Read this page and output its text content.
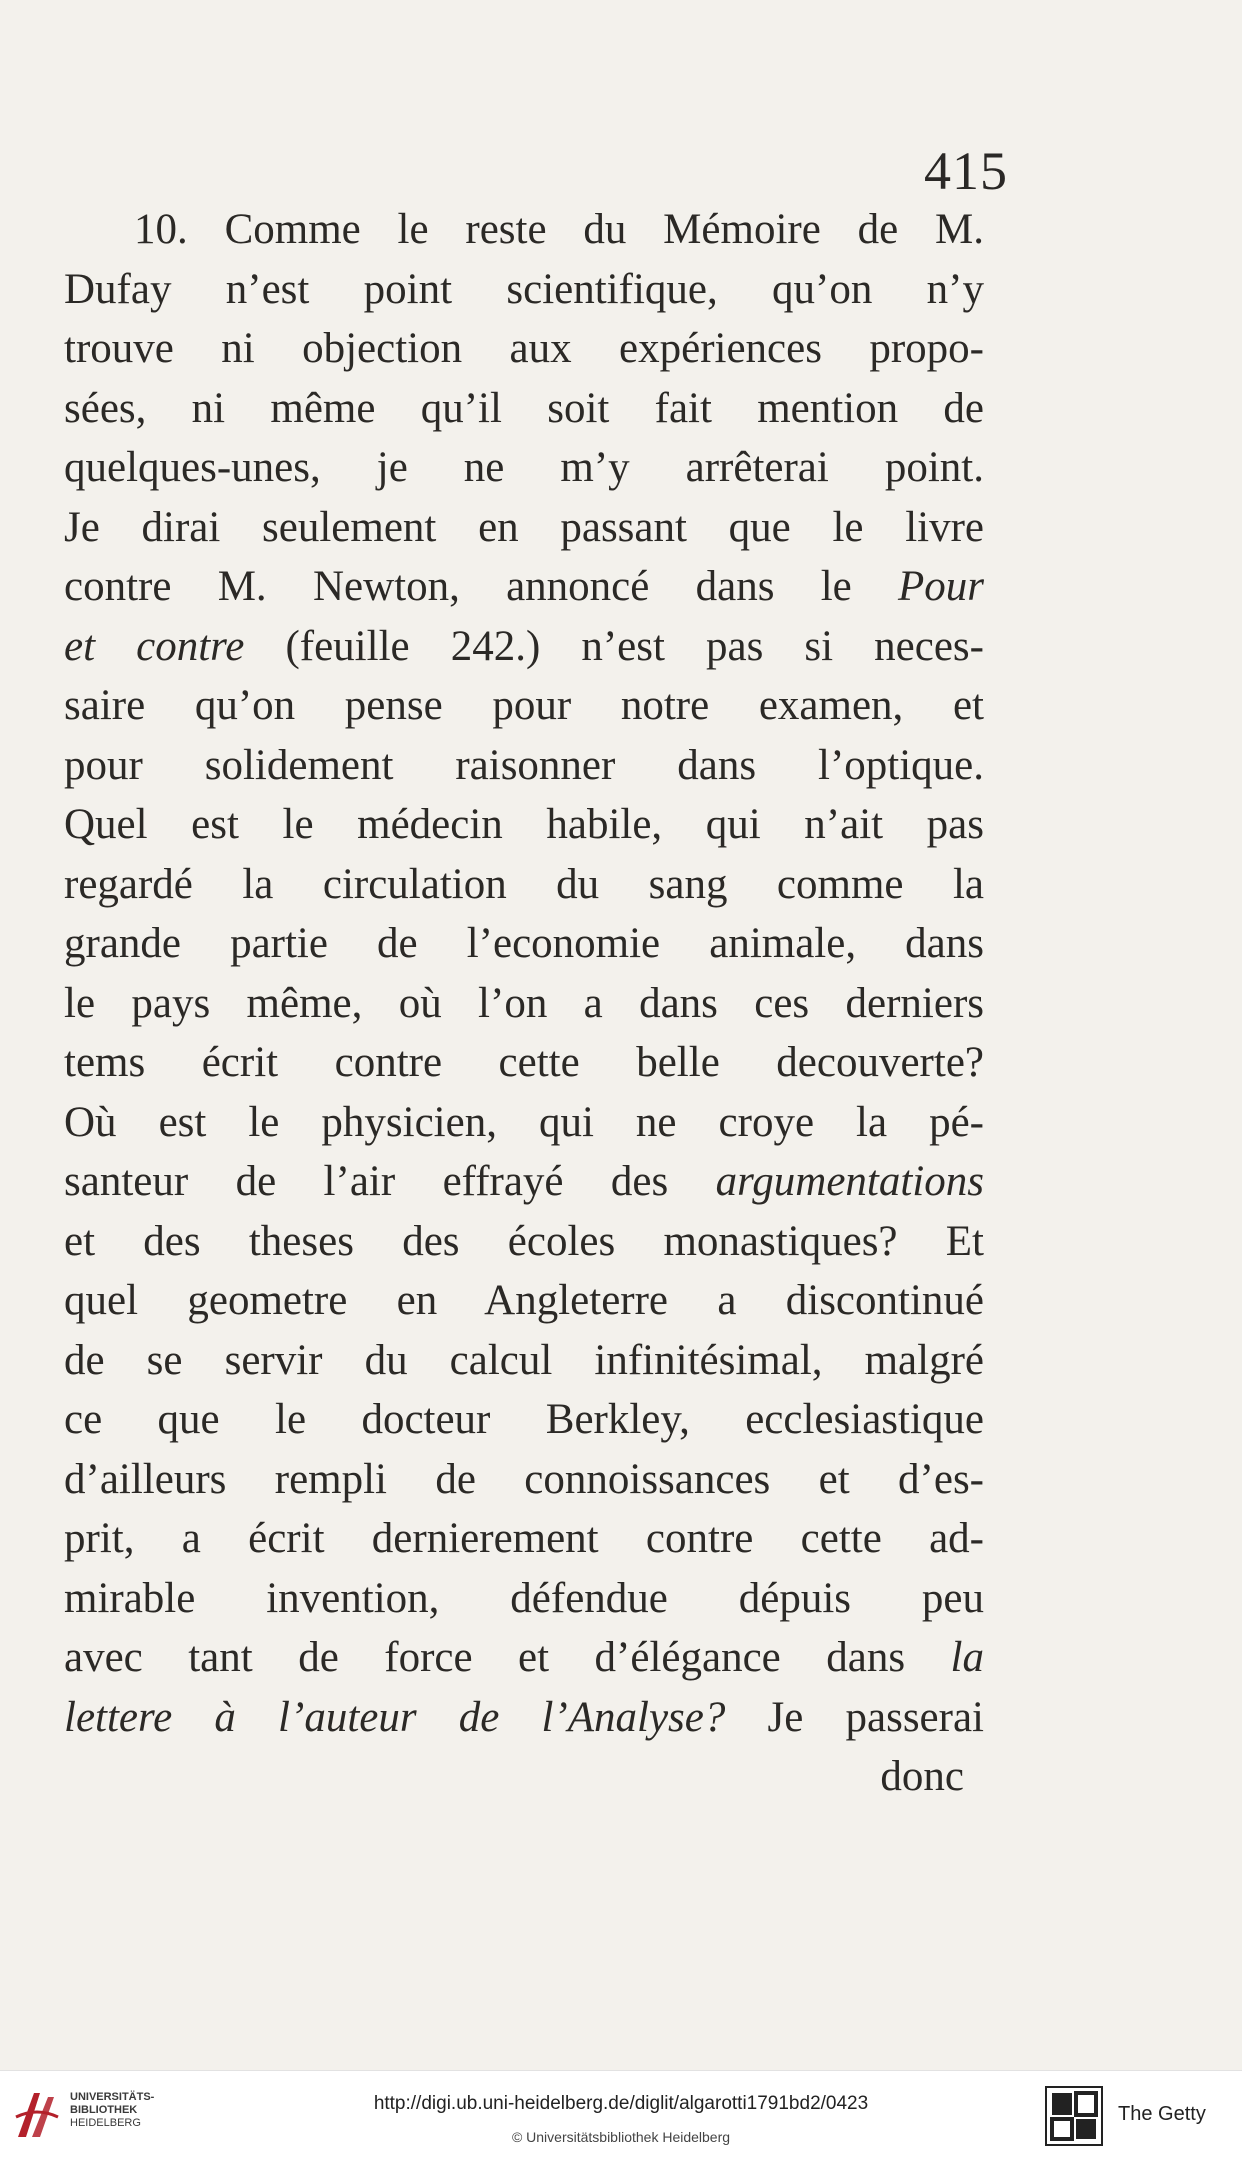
415
10. Comme le reste du Mémoire de M.
Dufay n’est point scientifique, qu’on n’y
trouve ni objection aux expériences propo-
sées, ni même qu’il soit fait mention de
quelques-unes, je ne m’y arrêterai point.
Je dirai seulement en passant que le livre
contre M. Newton, annoncé dans le Pour
et contre (feuille 242.) n’est pas si neces-
saire qu’on pense pour notre examen, et
pour solidement raisonner dans l’optique.
Quel est le médecin habile, qui n’ait pas
regardé la circulation du sang comme la
grande partie de l’economie animale, dans
le pays même, où l’on a dans ces derniers
tems écrit contre cette belle decouverte?
Où est le physicien, qui ne croye la pé-
santeur de l’air effrayé des argumentations
et des theses des écoles monastiques? Et
quel geometre en Angleterre a discontinué
de se servir du calcul infinitésimal, malgré
ce que le docteur Berkley, ecclesiastique
d’ailleurs rempli de connoissances et d’es-
prit, a écrit dernierement contre cette ad-
mirable invention, défendue dépuis peu
avec tant de force et d’élégance dans la
lettere à l’auteur de l’Analyse? Je passerai
donc
UNIVERSITÄTS-
BIBLIOTHEK
HEIDELBERG
http://digi.ub.uni-heidelberg.de/diglit/algarotti1791bd2/0423
© Universitätsbibliothek Heidelberg
The Getty
